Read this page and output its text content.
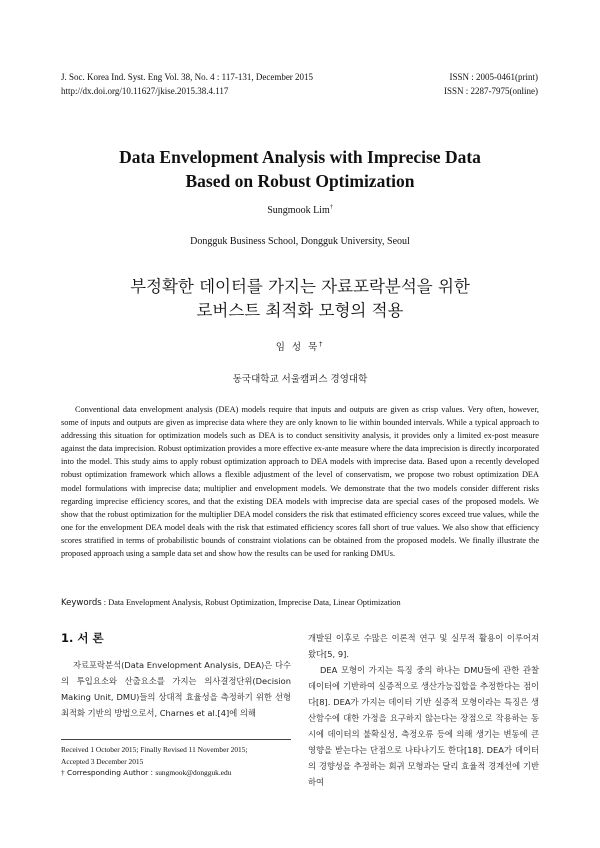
J. Soc. Korea Ind. Syst. Eng Vol. 38, No. 4 : 117-131, December 2015	ISSN : 2005-0461(print)
http://dx.doi.org/10.11627/jkise.2015.38.4.117	ISSN : 2287-7975(online)
Data Envelopment Analysis with Imprecise Data
Based on Robust Optimization
Sungmook Lim†
Dongguk Business School, Dongguk University, Seoul
부정확한 데이터를 가지는 자료포락분석을 위한
로버스트 최적화 모형의 적용
임 성 묵†
동국대학교 서울캠퍼스 경영대학

Conventional data envelopment analysis (DEA) models require that inputs and outputs are given as crisp values. Very often, however, some of inputs and outputs are given as imprecise data where they are only known to lie within bounded intervals. While a typical approach to addressing this situation for optimization models such as DEA is to conduct sensitivity analysis, it provides only a limited ex-post measure against the data imprecision. Robust optimization provides a more effective ex-ante measure where the data imprecision is directly incorporated into the model. This study aims to apply robust optimization approach to DEA models with imprecise data. Based upon a recently developed robust optimization framework which allows a flexible adjustment of the level of conservatism, we propose two robust optimization DEA model formulations with imprecise data; multiplier and envelopment models. We demonstrate that the two models consider different risks regarding imprecise efficiency scores, and that the existing DEA models with imprecise data are special cases of the proposed models. We show that the robust optimization for the multiplier DEA model considers the risk that estimated efficiency scores exceed true values, while the one for the envelopment DEA model deals with the risk that estimated efficiency scores fall short of true values. We also show that efficiency scores stratified in terms of probabilistic bounds of constraint violations can be obtained from the proposed models. We finally illustrate the proposed approach using a sample data set and show how the results can be used for ranking DMUs.

Keywords : Data Envelopment Analysis, Robust Optimization, Imprecise Data, Linear Optimization
1. 서 론

자료포락분석(Data Envelopment Analysis, DEA)은 다수의 투입요소와 산출요소를 가지는 의사결정단위(Decision Making Unit, DMU)들의 상대적 효율성을 측정하기 위한 선형최적화 기반의 방법으로서, Charnes et al.[4]에 의해

개발된 이후로 수많은 이론적 연구 및 실무적 활용이 이루어져 왔다[5, 9].

DEA 모형이 가지는 특징 중의 하나는 DMU들에 관한 관찰 데이터에 기반하여 실증적으로 생산가능집합을 추정한다는 점이다[8]. DEA가 가지는 데이터 기반 실증적 모형이라는 특징은 생산함수에 대한 가정을 요구하지 않는다는 장점으로 작용하는 동시에 데이터의 불확실성, 측정오류 등에 의해 생기는 변동에 큰 영향을 받는다는 단점으로 나타나기도 한다[18]. DEA가 데이터의 경향성을 추정하는 회귀 모형과는 달리 효율적 경계선에 기반하여

Received 1 October 2015; Finally Revised 11 November 2015;
Accepted 3 December 2015
† Corresponding Author : sungmook@dongguk.edu
